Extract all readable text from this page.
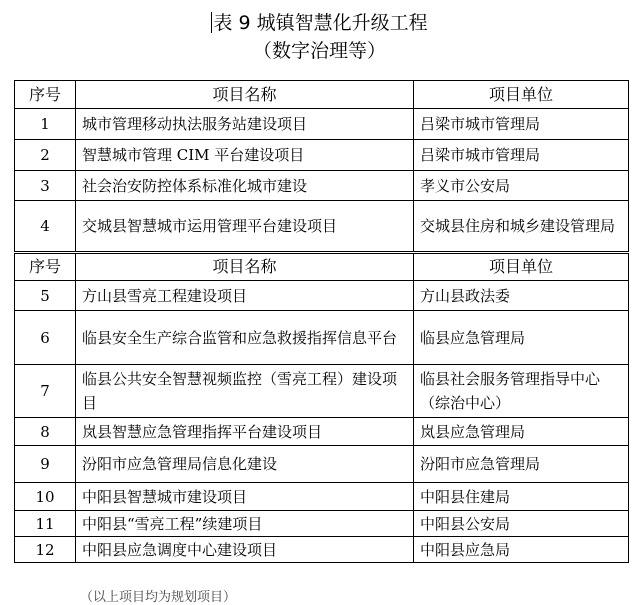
表 9 城镇智慧化升级工程
（数字治理等）
序号	项目名称	项目单位
1	城市管理移动执法服务站建设项目	吕梁市城市管理局
2	智慧城市管理 CIM 平台建设项目	吕梁市城市管理局
3	社会治安防控体系标准化城市建设	孝义市公安局
4	交城县智慧城市运用管理平台建设项目	交城县住房和城乡建设管理局
序号	项目名称	项目单位
5	方山县雪亮工程建设项目	方山县政法委
6	临县安全生产综合监管和应急救援指挥信息平台	临县应急管理局
7	临县公共安全智慧视频监控（雪亮工程）建设项目	临县社会服务管理指导中心（综治中心）
8	岚县智慧应急管理指挥平台建设项目	岚县应急管理局
9	汾阳市应急管理局信息化建设	汾阳市应急管理局
10	中阳县智慧城市建设项目	中阳县住建局
11	中阳县“雪亮工程”续建项目	中阳县公安局
12	中阳县应急调度中心建设项目	中阳县应急局
（以上项目均为规划项目）
